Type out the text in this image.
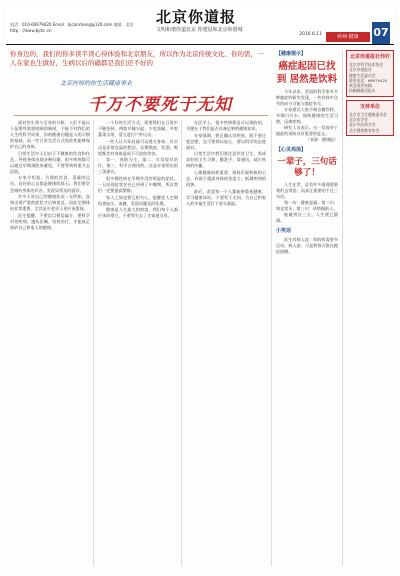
电话：010-66979420 Email：bjcancheng@126.com 地址：北京 http：//www.bjdrc.cn
北京你道报
文明和谐你道北京 你建设和北京和谐城
2016.6.11	疾病·健康	07
你身边的，我们的你多读半读心得体验和北京朋友，所以作为北京传统文化、你的需，一人在家也生做好，生病以后的确都是我们还不好的
北京医师的你生活健康事业
千万不要死于无知

面对你生命与全身的分析。人们不能以下是那些需要照顾的新闻，不能不对我们的人生的科学成果，你的健康问题是人的习惯的基础，而一些日常生活方式的改变能够保护自己的身体。

日常生活中人们由于不健康的饮食和作息，导致身体出现各种问题，很多疾病都可以通过早期预防来避免，不要等到病重才去医院。

专家介绍说，合理的饮食、适量的运动、良好的心态都是健康的基石。我们要学会倾听身体的声音，发现异常及时就诊。

许多人对自己的健康状况一无所知，直到出现严重的症状才后悔莫及。因此定期体检非常重要，尤其是中老年人更应该重视。

医生提醒，不要盲目相信偏方，要科学对待疾病，遵从医嘱，坚持治疗，才能真正保护自己和家人的健康。

一个好的生活方式，需要我们在日常中不断坚持。例如早睡早起、少吃油腻、多吃蔬菜水果，适当进行户外运动。

一些人认为年轻就可以透支身体，其实这是非常危险的想法。长期熬夜、饮酒、吸烟都会对身体造成不可逆的伤害。

第一、预防为主，第二、早发现早治疗，第三、科学合理用药，这是专家给出的三条建议。

很多慢性病在早期并没有明显的症状，一旦出现症状往往已经到了中晚期，所以我们一定要提高警惕。

家人之间也要互相关心，提醒老人定期检查血压、血糖，发现问题及时处理。

健康是人生最大的财富，我们每个人都应该珍惜它，不要等失去了才知道可贵。

在医学上，很多疾病都是可以预防的，关键在于我们是否具备足够的健康知识。

专家强调，要正确认识疾病，既不要过度恐慌，也不要掉以轻心，要以科学的态度面对。

日常生活中我们要注意饮食卫生，养成良好的卫生习惯，勤洗手、常通风，减少疾病的传播。

心理健康同样重要，保持乐观积极的心态，有助于提高身体的免疫力，抵御疾病的侵袭。

最后，希望每一个人都能够重视健康，学习健康知识，不要死于无知，为自己和家人的幸福生活打下坚实基础。

【健康提示】
癌症起因已找到 居然是饮料

今年以来，美国的科学家对多种癌症的研究发现，一些饮料中含有的成分可能与癌症有关。

专家建议大家少喝含糖饮料，多喝白开水，保持健康的生活习惯，远离疾病。

研究人员表示，这一发现对于癌症的预防具有重要的意义。

（来源：健康报）
【心灵鸡汤】
一辈子，三句话够了！

人生在世，总有许多道理需要我们去领悟，而真正重要的不过三句话。

第一句：健康是福；第二句：知足常乐；第三句：珍惜眼前人。

能做到这三点，人生便已圆满。

小笑话

医生对病人说：你的病需要多运动。病人说：可是我每天都在跑医院啊。

北京你道报社你好
北京市科学技术协会
北京你道报社
健康生活委员会
联系电话：66979420
欢迎读者来稿
投稿邮箱见报头
支持单位
北京市卫生健康委员会
北京医学会
北京中医药学会
北京健康教育协会
